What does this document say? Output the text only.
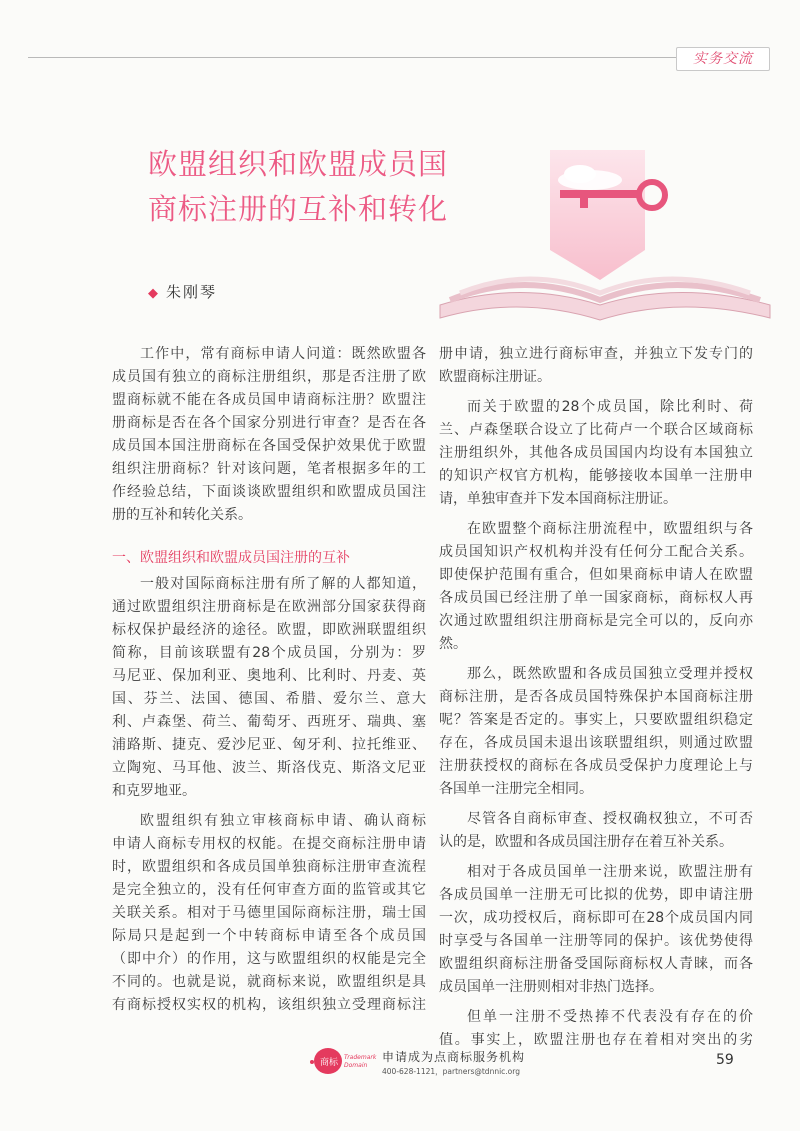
实务交流
欧盟组织和欧盟成员国
商标注册的互补和转化
◆ 朱刚琴
工作中，常有商标申请人问道：既然欧盟各
成员国有独立的商标注册组织，那是否注册了欧
盟商标就不能在各成员国申请商标注册？欧盟注
册商标是否在各个国家分别进行审查？是否在各
成员国本国注册商标在各国受保护效果优于欧盟
组织注册商标？针对该问题，笔者根据多年的工
作经验总结，下面谈谈欧盟组织和欧盟成员国注
册的互补和转化关系。
一、欧盟组织和欧盟成员国注册的互补
一般对国际商标注册有所了解的人都知道，
通过欧盟组织注册商标是在欧洲部分国家获得商
标权保护最经济的途径。欧盟，即欧洲联盟组织
简称，目前该联盟有28个成员国，分别为：罗
马尼亚、保加利亚、奥地利、比利时、丹麦、英
国、芬兰、法国、德国、希腊、爱尔兰、意大
利、卢森堡、荷兰、葡萄牙、西班牙、瑞典、塞
浦路斯、捷克、爱沙尼亚、匈牙利、拉托维亚、
立陶宛、马耳他、波兰、斯洛伐克、斯洛文尼亚
和克罗地亚。
欧盟组织有独立审核商标申请、确认商标
申请人商标专用权的权能。在提交商标注册申请
时，欧盟组织和各成员国单独商标注册审查流程
是完全独立的，没有任何审查方面的监管或其它
关联关系。相对于马德里国际商标注册，瑞士国
际局只是起到一个中转商标申请至各个成员国
（即中介）的作用，这与欧盟组织的权能是完全
不同的。也就是说，就商标来说，欧盟组织是具
有商标授权实权的机构，该组织独立受理商标注
册申请，独立进行商标审查，并独立下发专门的
欧盟商标注册证。
而关于欧盟的28个成员国，除比利时、荷
兰、卢森堡联合设立了比荷卢一个联合区域商标
注册组织外，其他各成员国国内均设有本国独立
的知识产权官方机构，能够接收本国单一注册申
请，单独审查并下发本国商标注册证。
在欧盟整个商标注册流程中，欧盟组织与各
成员国知识产权机构并没有任何分工配合关系。
即使保护范围有重合，但如果商标申请人在欧盟
各成员国已经注册了单一国家商标，商标权人再
次通过欧盟组织注册商标是完全可以的，反向亦
然。
那么，既然欧盟和各成员国独立受理并授权
商标注册，是否各成员国特殊保护本国商标注册
呢？答案是否定的。事实上，只要欧盟组织稳定
存在，各成员国未退出该联盟组织，则通过欧盟
注册获授权的商标在各成员受保护力度理论上与
各国单一注册完全相同。
尽管各自商标审查、授权确权独立，不可否
认的是，欧盟和各成员国注册存在着互补关系。
相对于各成员国单一注册来说，欧盟注册有
各成员国单一注册无可比拟的优势，即申请注册
一次，成功授权后，商标即可在28个成员国内同
时享受与各国单一注册等同的保护。该优势使得
欧盟组织商标注册备受国际商标权人青睐，而各
成员国单一注册则相对非热门选择。
但单一注册不受热捧不代表没有存在的价
值。事实上，欧盟注册也存在着相对突出的劣
商标
Trademark
Domain
申请成为点商标服务机构
400-628-1121，partners@tdnnic.org
59
